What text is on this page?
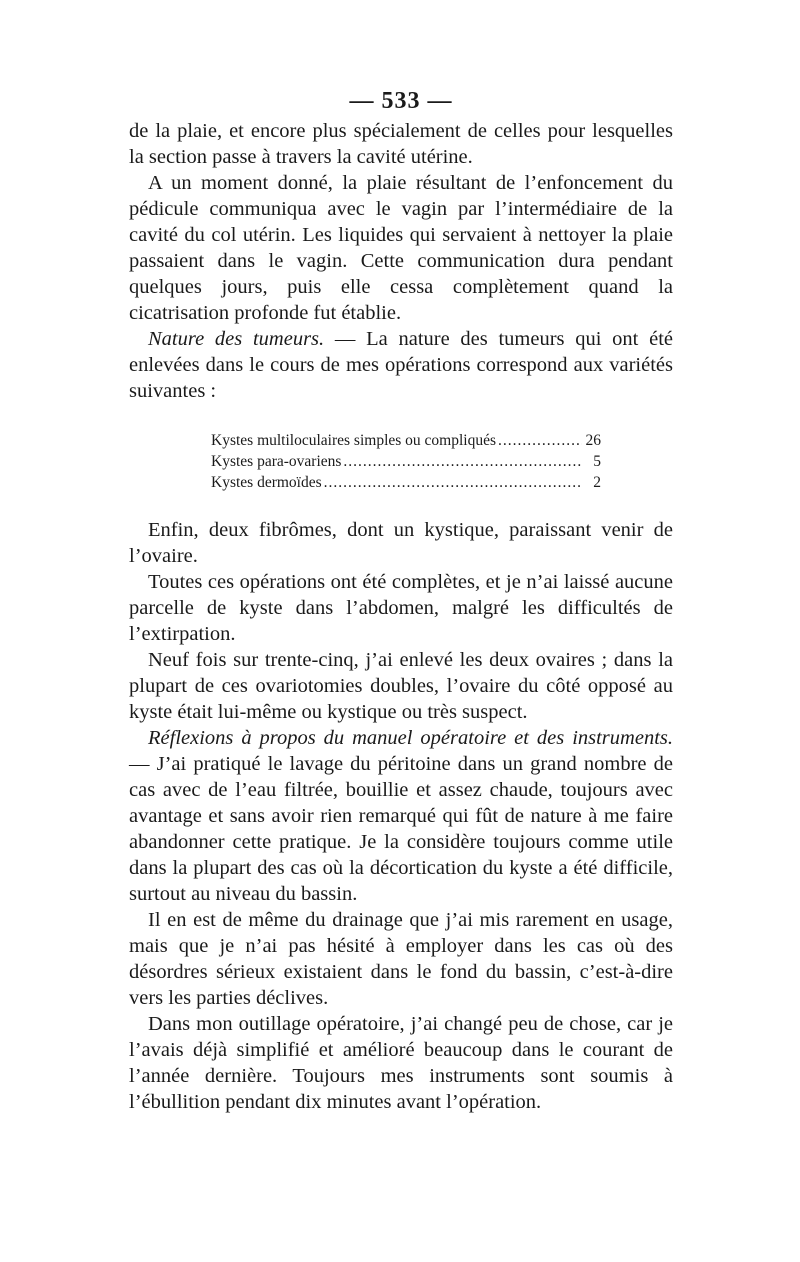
— 533 —

de la plaie, et encore plus spécialement de celles pour lesquelles la section passe à travers la cavité utérine.

A un moment donné, la plaie résultant de l’enfoncement du pédicule communiqua avec le vagin par l’intermédiaire de la cavité du col utérin. Les liquides qui servaient à nettoyer la plaie passaient dans le vagin. Cette communication dura pendant quelques jours, puis elle cessa complètement quand la cicatrisation profonde fut établie.

Nature des tumeurs. — La nature des tumeurs qui ont été enlevées dans le cours de mes opérations correspond aux variétés suivantes :

Kystes multiloculaires simples ou compliqués .....	26
Kystes para-ovariens .....	5
Kystes dermoïdes .....	2

Enfin, deux fibrômes, dont un kystique, paraissant venir de l’ovaire.

Toutes ces opérations ont été complètes, et je n’ai laissé aucune parcelle de kyste dans l’abdomen, malgré les difficultés de l’extirpation.

Neuf fois sur trente-cinq, j’ai enlevé les deux ovaires ; dans la plupart de ces ovariotomies doubles, l’ovaire du côté opposé au kyste était lui-même ou kystique ou très suspect.

Réflexions à propos du manuel opératoire et des instruments. — J’ai pratiqué le lavage du péritoine dans un grand nombre de cas avec de l’eau filtrée, bouillie et assez chaude, toujours avec avantage et sans avoir rien remarqué qui fût de nature à me faire abandonner cette pratique. Je la considère toujours comme utile dans la plupart des cas où la décortication du kyste a été difficile, surtout au niveau du bassin.

Il en est de même du drainage que j’ai mis rarement en usage, mais que je n’ai pas hésité à employer dans les cas où des désordres sérieux existaient dans le fond du bassin, c’est-à-dire vers les parties déclives.

Dans mon outillage opératoire, j’ai changé peu de chose, car je l’avais déjà simplifié et amélioré beaucoup dans le courant de l’année dernière. Toujours mes instruments sont soumis à l’ébullition pendant dix minutes avant l’opération.
